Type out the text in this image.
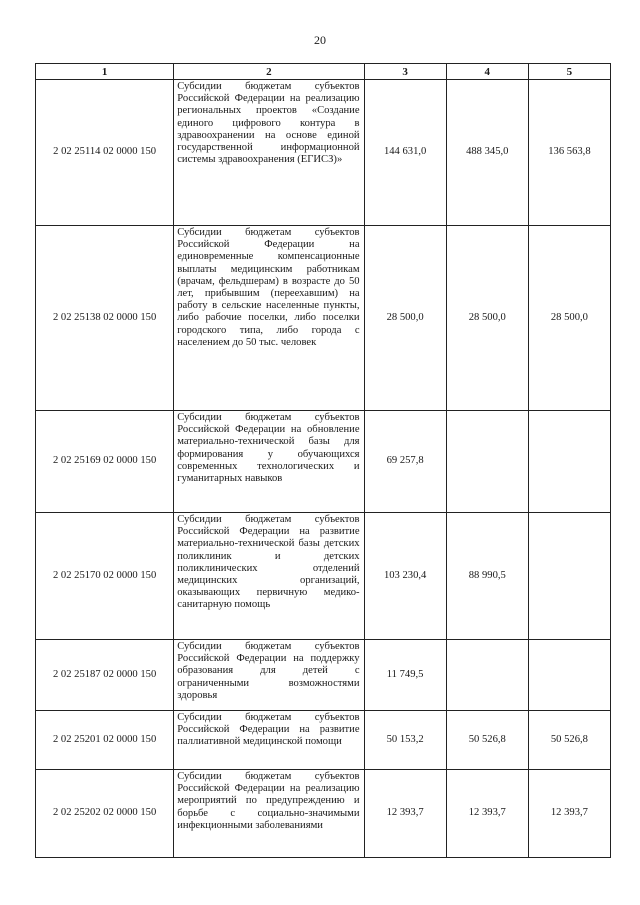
20
1	2	3	4	5
2 02 25114 02 0000 150	Субсидии бюджетам субъектов Российской Федерации на реализацию региональных проектов «Создание единого цифрового контура в здравоохранении на основе единой государственной информационной системы здравоохранения (ЕГИСЗ)»	144 631,0	488 345,0	136 563,8
2 02 25138 02 0000 150	Субсидии бюджетам субъектов Российской Федерации на единовременные компенсационные выплаты медицинским работникам (врачам, фельдшерам) в возрасте до 50 лет, прибывшим (переехавшим) на работу в сельские населенные пункты, либо рабочие поселки, либо поселки городского типа, либо города с населением до 50 тыс. человек	28 500,0	28 500,0	28 500,0
2 02 25169 02 0000 150	Субсидии бюджетам субъектов Российской Федерации на обновление материально-технической базы для формирования у обучающихся современных технологических и гуманитарных навыков	69 257,8		
2 02 25170 02 0000 150	Субсидии бюджетам субъектов Российской Федерации на развитие материально-технической базы детских поликлиник и детских поликлинических отделений медицинских организаций, оказывающих первичную медико-санитарную помощь	103 230,4	88 990,5	
2 02 25187 02 0000 150	Субсидии бюджетам субъектов Российской Федерации на поддержку образования для детей с ограниченными возможностями здоровья	11 749,5		
2 02 25201 02 0000 150	Субсидии бюджетам субъектов Российской Федерации на развитие паллиативной медицинской помощи	50 153,2	50 526,8	50 526,8
2 02 25202 02 0000 150	Субсидии бюджетам субъектов Российской Федерации на реализацию мероприятий по предупреждению и борьбе с социально-значимыми инфекционными заболеваниями	12 393,7	12 393,7	12 393,7
